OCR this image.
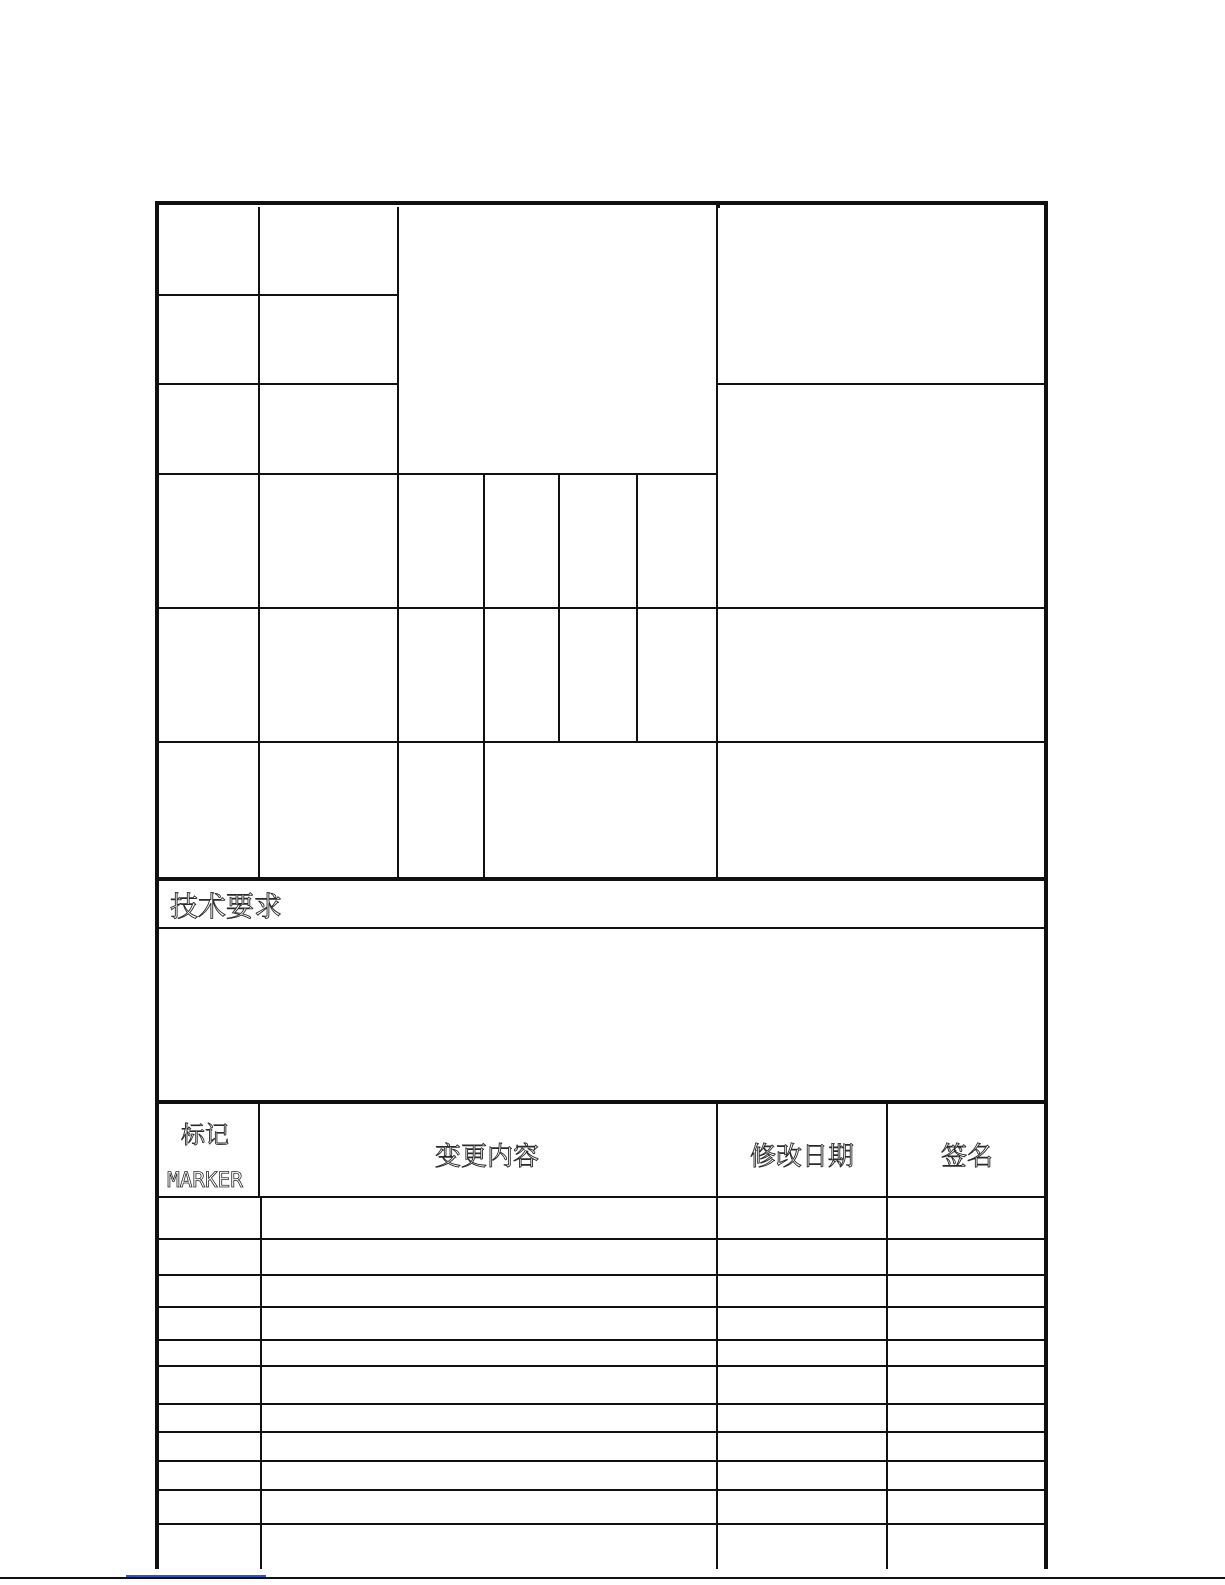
技术要求
标记
MARKER
变更内容	修改日期	签名
